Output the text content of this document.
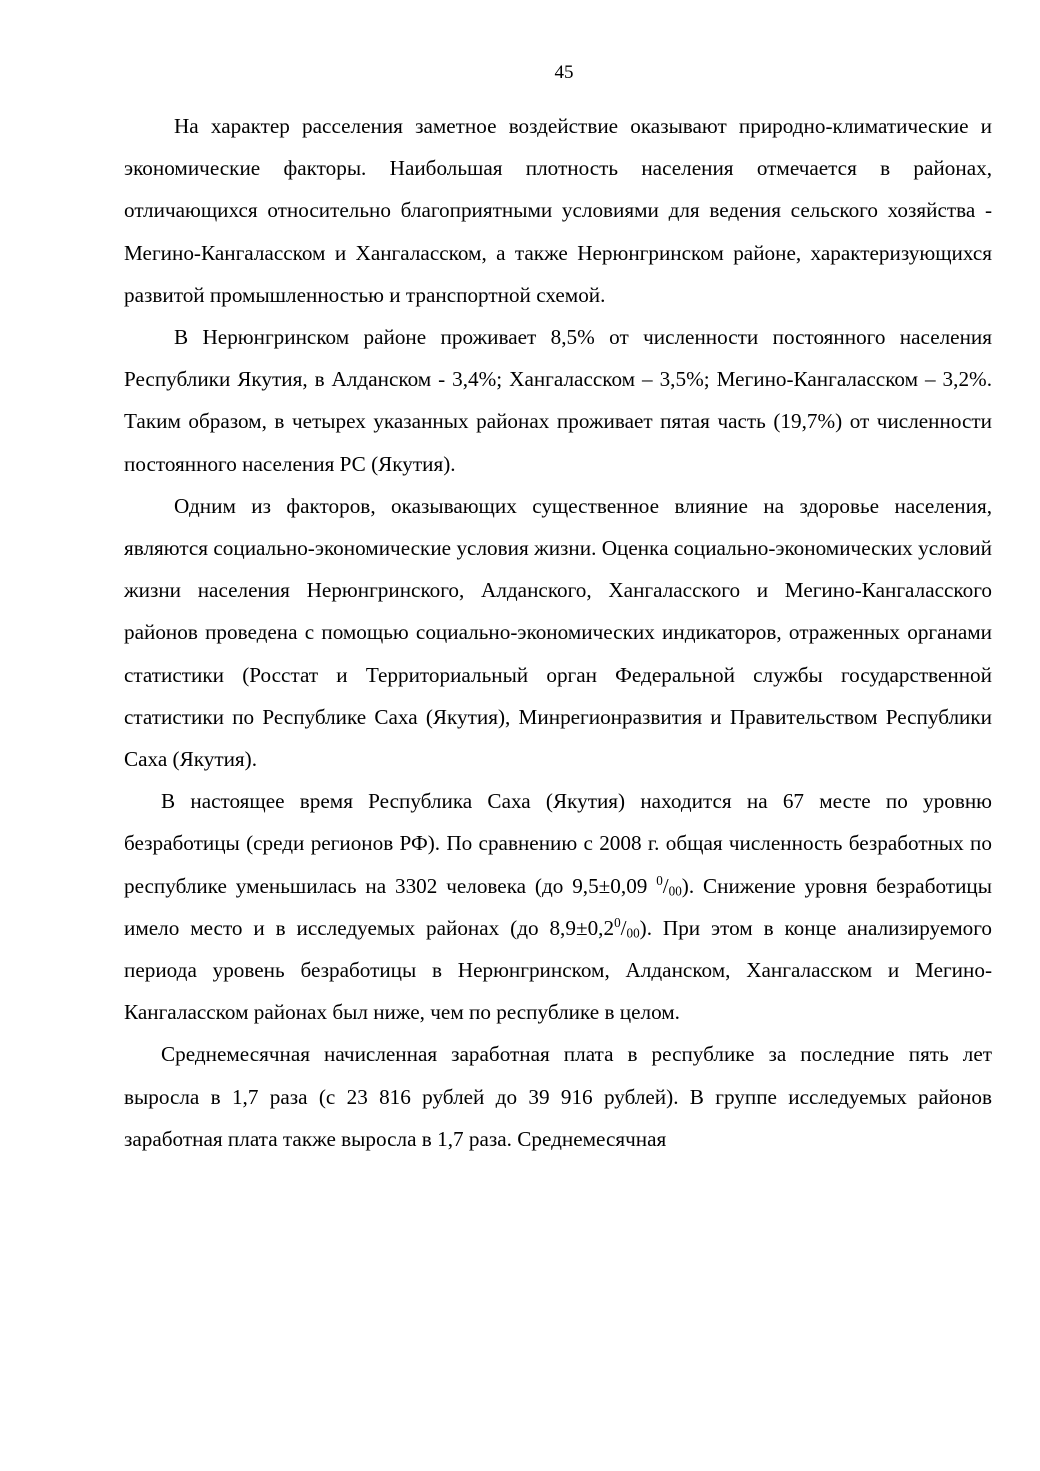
45

На характер расселения заметное воздействие оказывают природно-климатические и экономические факторы. Наибольшая плотность населения отмечается в районах, отличающихся относительно благоприятными условиями для ведения сельского хозяйства - Мегино-Кангаласском и Хангаласском, а также Нерюнгринском районе, характеризующихся развитой промышленностью и транспортной схемой.

В Нерюнгринском районе проживает 8,5% от численности постоянного населения Республики Якутия, в Алданском - 3,4%; Хангаласском – 3,5%; Мегино-Кангаласском – 3,2%. Таким образом, в четырех указанных районах проживает пятая часть (19,7%) от численности постоянного населения РС (Якутия).

Одним из факторов, оказывающих существенное влияние на здоровье населения, являются социально-экономические условия жизни. Оценка социально-экономических условий жизни населения Нерюнгринского, Алданского, Хангаласского и Мегино-Кангаласского районов проведена с помощью социально-экономических индикаторов, отраженных органами статистики (Росстат и Территориальный орган Федеральной службы государственной статистики по Республике Саха (Якутия), Минрегионразвития и Правительством Республики Саха (Якутия).

В настоящее время Республика Саха (Якутия) находится на 67 месте по уровню безработицы (среди регионов РФ). По сравнению с 2008 г. общая численность безработных по республике уменьшилась на 3302 человека (до 9,5±0,09 $^0/_{00}$). Снижение уровня безработицы имело место и в исследуемых районах (до $8,9\pm 0,2^0/_{00}$). При этом в конце анализируемого периода уровень безработицы в Нерюнгринском, Алданском, Хангаласском и Мегино-Кангаласском районах был ниже, чем по республике в целом.

Среднемесячная начисленная заработная плата в республике за последние пять лет выросла в 1,7 раза (с 23 816 рублей до 39 916 рублей). В группе исследуемых районов заработная плата также выросла в 1,7 раза. Среднемесячная
